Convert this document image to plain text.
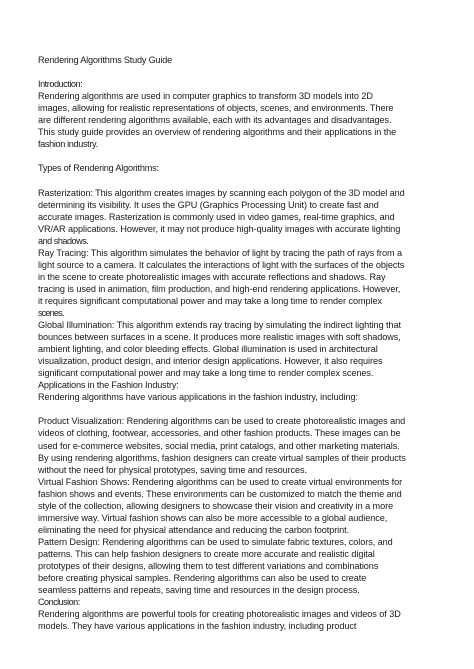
Rendering Algorithms Study Guide
Introduction:
Rendering algorithms are used in computer graphics to transform 3D models into 2D
images, allowing for realistic representations of objects, scenes, and environments. There
are different rendering algorithms available, each with its advantages and disadvantages.
This study guide provides an overview of rendering algorithms and their applications in the
fashion industry.
Types of Rendering Algorithms:
Rasterization: This algorithm creates images by scanning each polygon of the 3D model and
determining its visibility. It uses the GPU (Graphics Processing Unit) to create fast and
accurate images. Rasterization is commonly used in video games, real-time graphics, and
VR/AR applications. However, it may not produce high-quality images with accurate lighting
and shadows.
Ray Tracing: This algorithm simulates the behavior of light by tracing the path of rays from a
light source to a camera. It calculates the interactions of light with the surfaces of the objects
in the scene to create photorealistic images with accurate reflections and shadows. Ray
tracing is used in animation, film production, and high-end rendering applications. However,
it requires significant computational power and may take a long time to render complex
scenes.
Global Illumination: This algorithm extends ray tracing by simulating the indirect lighting that
bounces between surfaces in a scene. It produces more realistic images with soft shadows,
ambient lighting, and color bleeding effects. Global illumination is used in architectural
visualization, product design, and interior design applications. However, it also requires
significant computational power and may take a long time to render complex scenes.
Applications in the Fashion Industry:
Rendering algorithms have various applications in the fashion industry, including:
Product Visualization: Rendering algorithms can be used to create photorealistic images and
videos of clothing, footwear, accessories, and other fashion products. These images can be
used for e-commerce websites, social media, print catalogs, and other marketing materials.
By using rendering algorithms, fashion designers can create virtual samples of their products
without the need for physical prototypes, saving time and resources.
Virtual Fashion Shows: Rendering algorithms can be used to create virtual environments for
fashion shows and events. These environments can be customized to match the theme and
style of the collection, allowing designers to showcase their vision and creativity in a more
immersive way. Virtual fashion shows can also be more accessible to a global audience,
eliminating the need for physical attendance and reducing the carbon footprint.
Pattern Design: Rendering algorithms can be used to simulate fabric textures, colors, and
patterns. This can help fashion designers to create more accurate and realistic digital
prototypes of their designs, allowing them to test different variations and combinations
before creating physical samples. Rendering algorithms can also be used to create
seamless patterns and repeats, saving time and resources in the design process.
Conclusion:
Rendering algorithms are powerful tools for creating photorealistic images and videos of 3D
models. They have various applications in the fashion industry, including product
